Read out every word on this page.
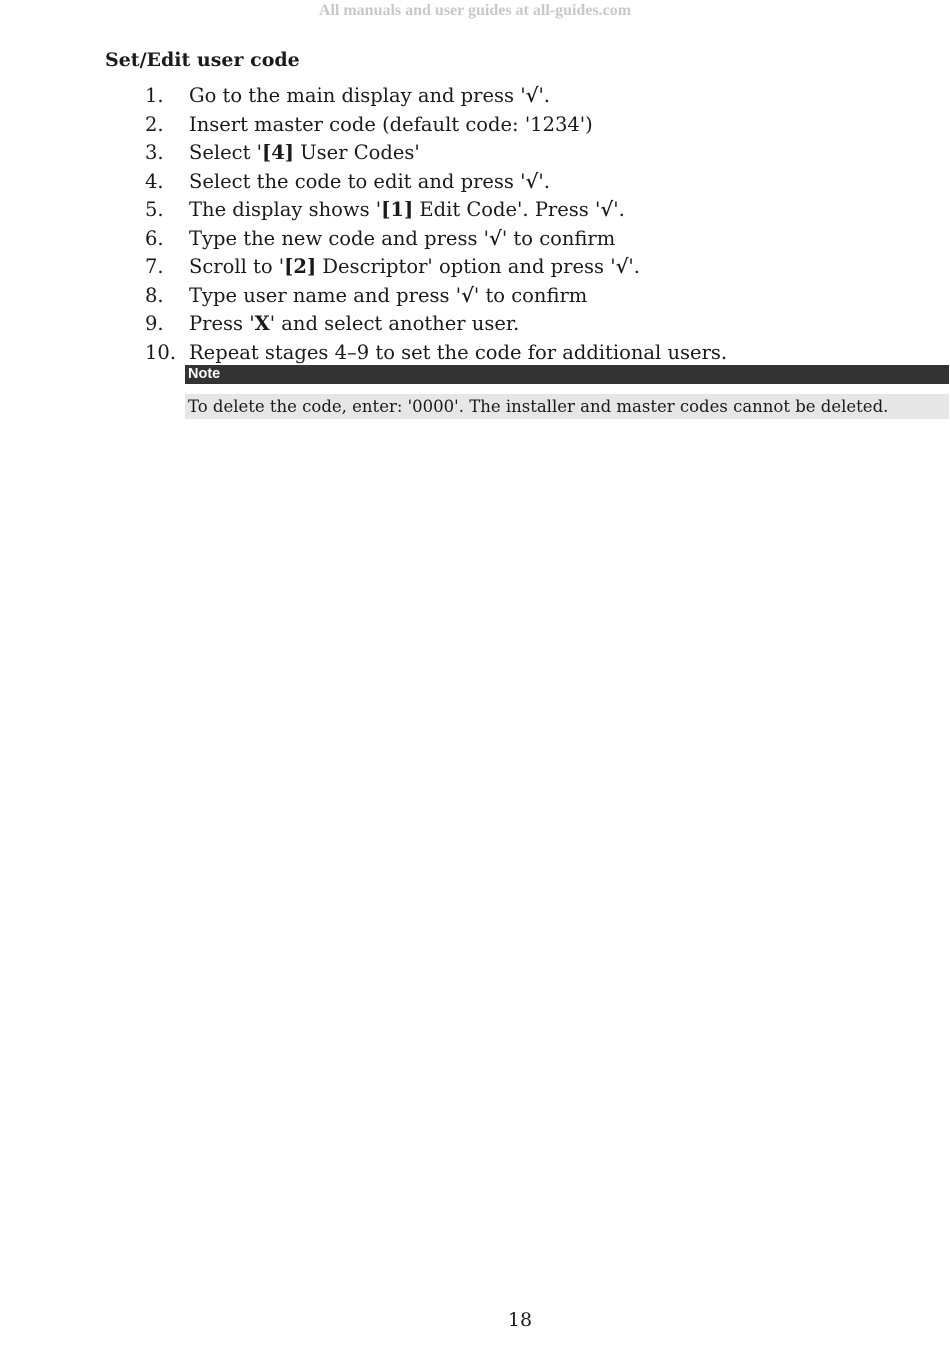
All manuals and user guides at all-guides.com
Set/Edit user code
1.	Go to the main display and press '√'.
2.	Insert master code (default code: '1234')
3.	Select '[4] User Codes'
4.	Select the code to edit and press '√'.
5.	The display shows '[1] Edit Code'. Press '√'.
6.	Type the new code and press '√' to confirm
7.	Scroll to '[2] Descriptor' option and press '√'.
8.	Type user name and press '√' to confirm
9.	Press 'X' and select another user.
10. Repeat stages 4–9 to set the code for additional users.
Note
To delete the code, enter: '0000'. The installer and master codes cannot be deleted.
18
